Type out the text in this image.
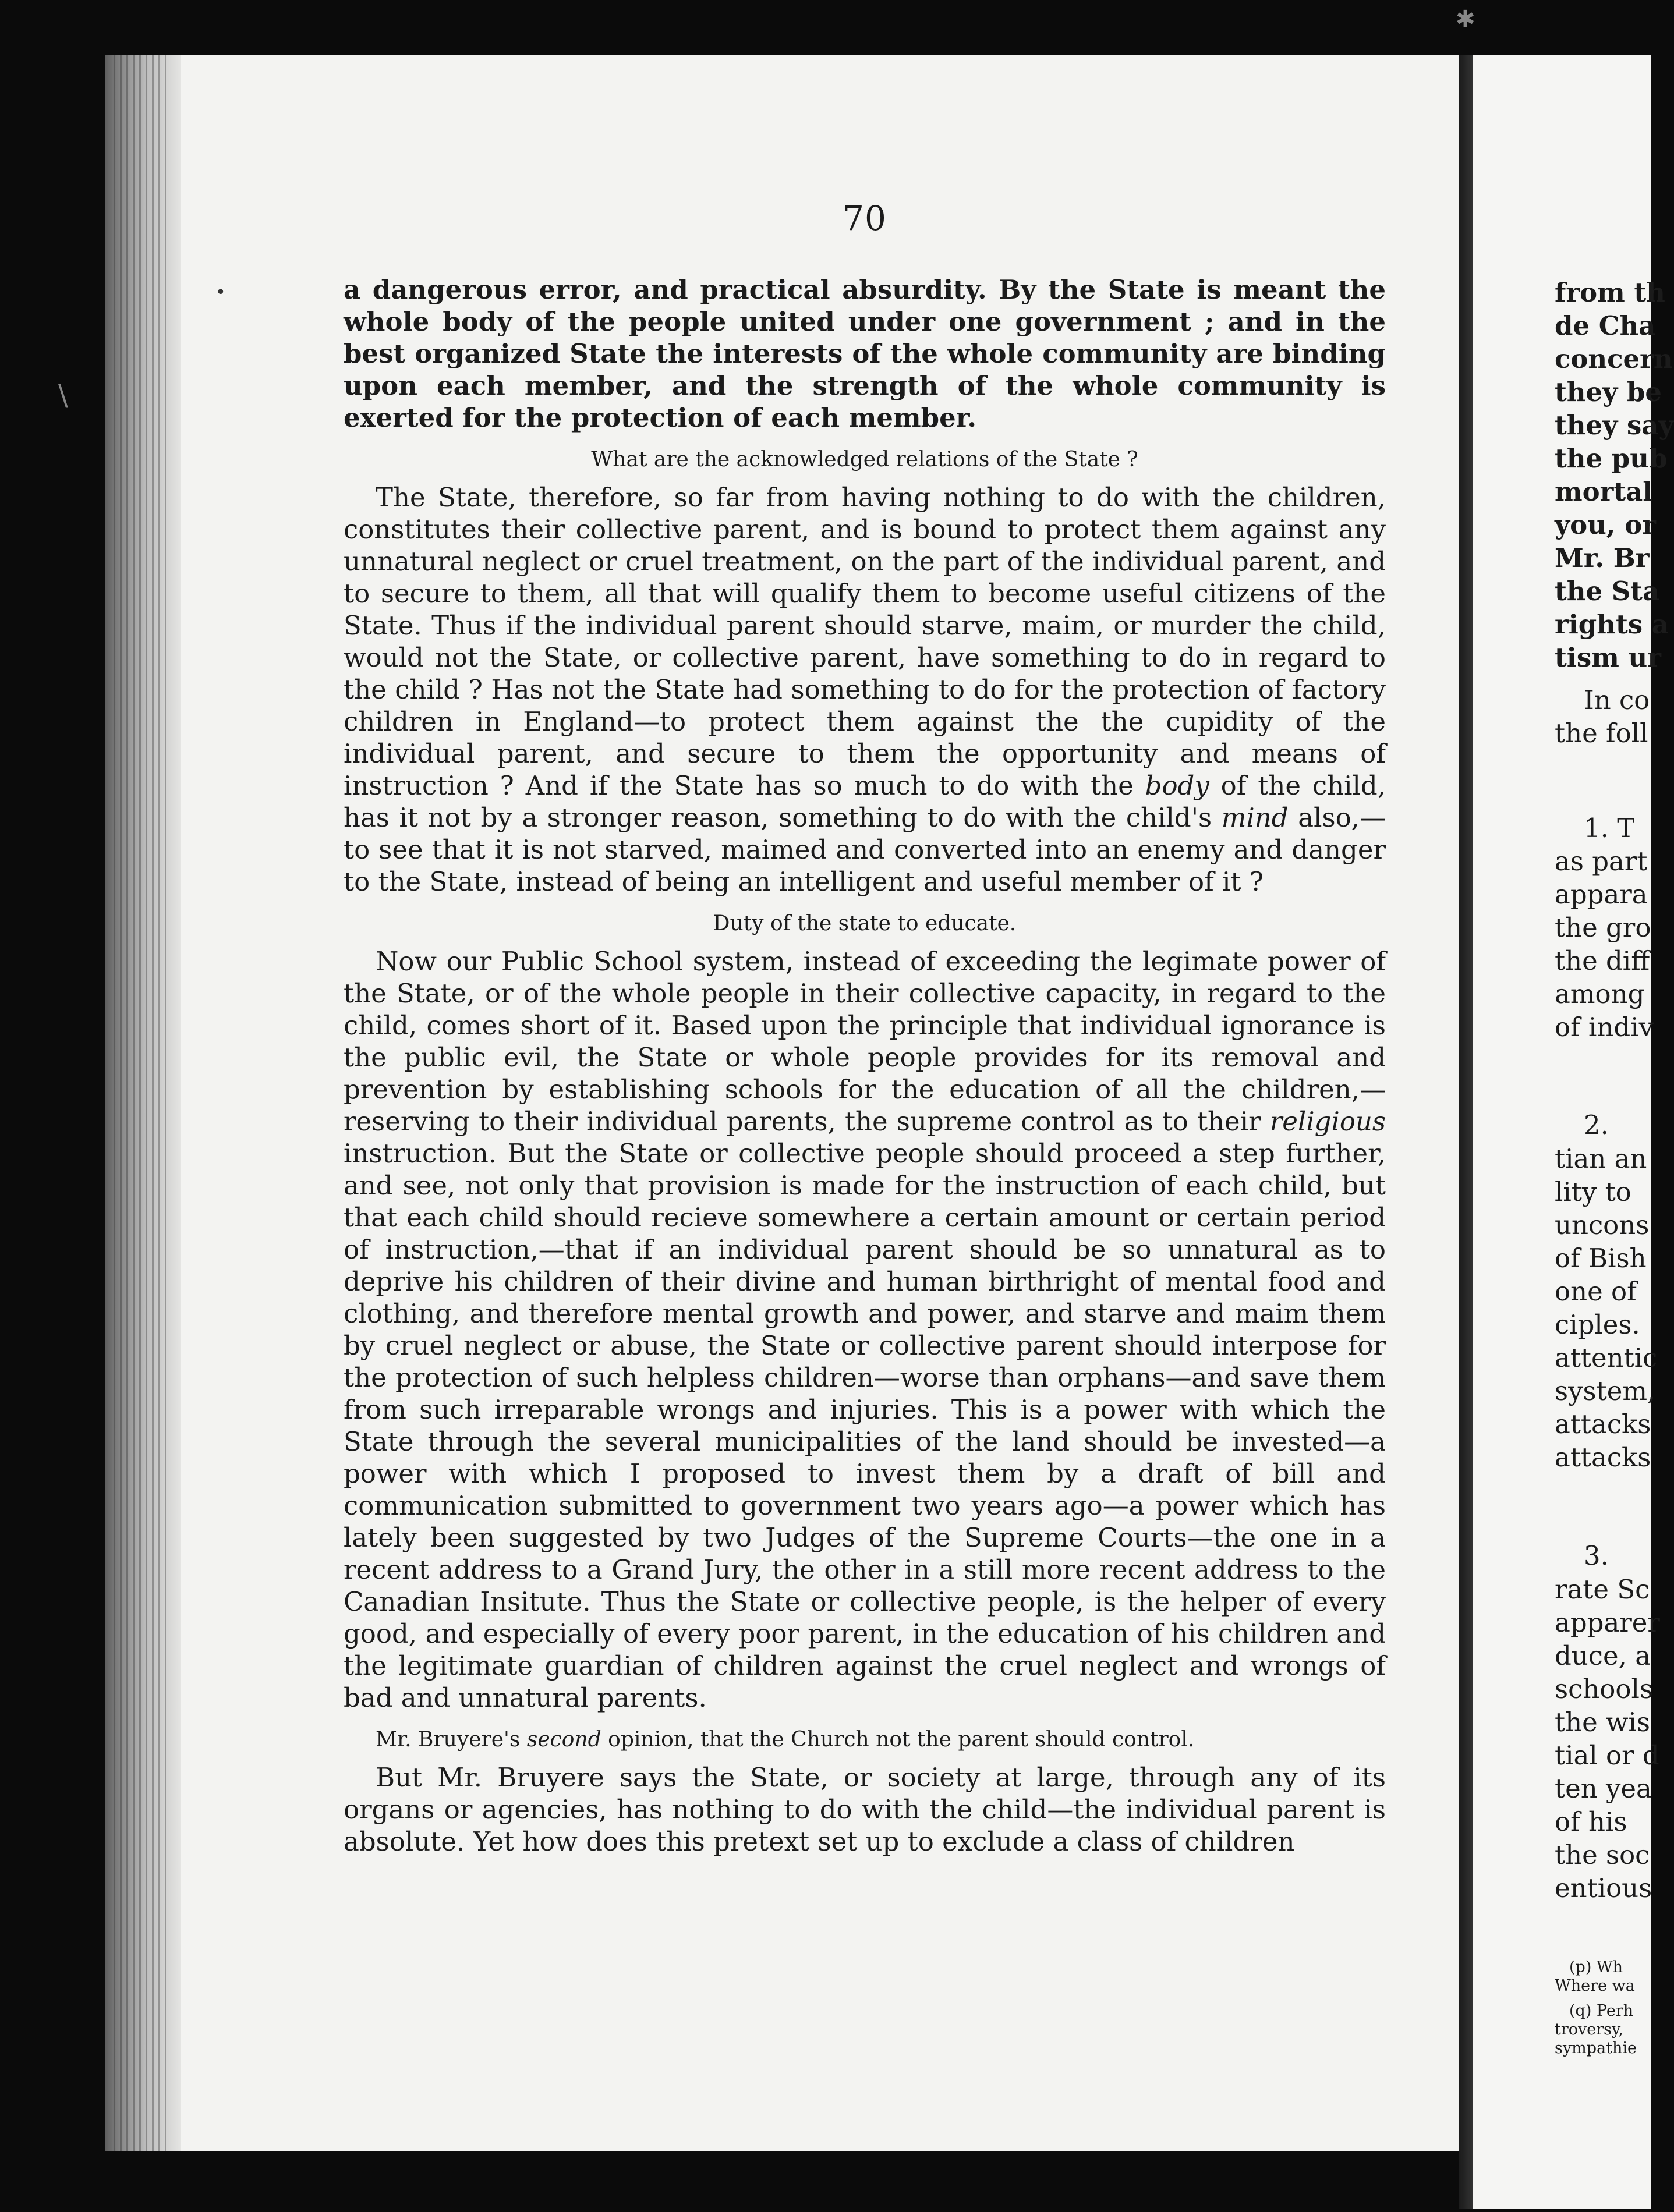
✱
\
•
70

a dangerous error, and practical absurdity. By the State is meant the whole body of the people united under one government ; and in the best organized State the interests of the whole community are binding upon each member, and the strength of the whole community is exerted for the protection of each member.

What are the acknowledged relations of the State ?

The State, therefore, so far from having nothing to do with the children, constitutes their collective parent, and is bound to protect them against any unnatural neglect or cruel treatment, on the part of the individual parent, and to secure to them, all that will qualify them to become useful citizens of the State. Thus if the individual parent should starve, maim, or murder the child, would not the State, or collective parent, have something to do in regard to the child ? Has not the State had something to do for the protection of factory children in England—to protect them against the the cupidity of the individual parent, and secure to them the opportunity and means of instruction ? And if the State has so much to do with the body of the child, has it not by a stronger reason, something to do with the child's mind also,—to see that it is not starved, maimed and converted into an enemy and danger to the State, instead of being an intelligent and useful member of it ?

Duty of the state to educate.

Now our Public School system, instead of exceeding the legimate power of the State, or of the whole people in their collective capacity, in regard to the child, comes short of it. Based upon the principle that individual ignorance is the public evil, the State or whole people provides for its removal and prevention by establishing schools for the education of all the children,—reserving to their individual parents, the supreme control as to their religious instruction. But the State or collective people should proceed a step further, and see, not only that provision is made for the instruction of each child, but that each child should recieve somewhere a certain amount or certain period of instruction,—that if an individual parent should be so unnatural as to deprive his children of their divine and human birthright of mental food and clothing, and therefore mental growth and power, and starve and maim them by cruel neglect or abuse, the State or collective parent should interpose for the protection of such helpless children—worse than orphans—and save them from such irreparable wrongs and injuries. This is a power with which the State through the several municipalities of the land should be invested—a power with which I proposed to invest them by a draft of bill and communication submitted to government two years ago—a power which has lately been suggested by two Judges of the Supreme Courts—the one in a recent address to a Grand Jury, the other in a still more recent address to the Canadian Insitute. Thus the State or collective people, is the helper of every good, and especially of every poor parent, in the education of his children and the legitimate guardian of children against the cruel neglect and wrongs of bad and unnatural parents.

Mr. Bruyere's second opinion, that the Church not the parent should control.

But Mr. Bruyere says the State, or society at large, through any of its organs or agencies, has nothing to do with the child—the individual parent is absolute. Yet how does this pretext set up to exclude a class of children

from th
de Cha
concern
they be
they say
the pub
mortal
you, or
Mr. Br
the Sta
rights a
tism ur
In co
the foll
1. T
as part
appara
the gro
the diff
among
of indiv
2.
tian an
lity to
uncons
of Bish
one of
ciples.
attentic
system,
attacks
attacks
3.
rate Sc
apparer
duce, a
schools
the wis
tial or d
ten yea
of his
the soc
entious
(p) Wh
Where wa
(q) Perh
troversy,
sympathie
